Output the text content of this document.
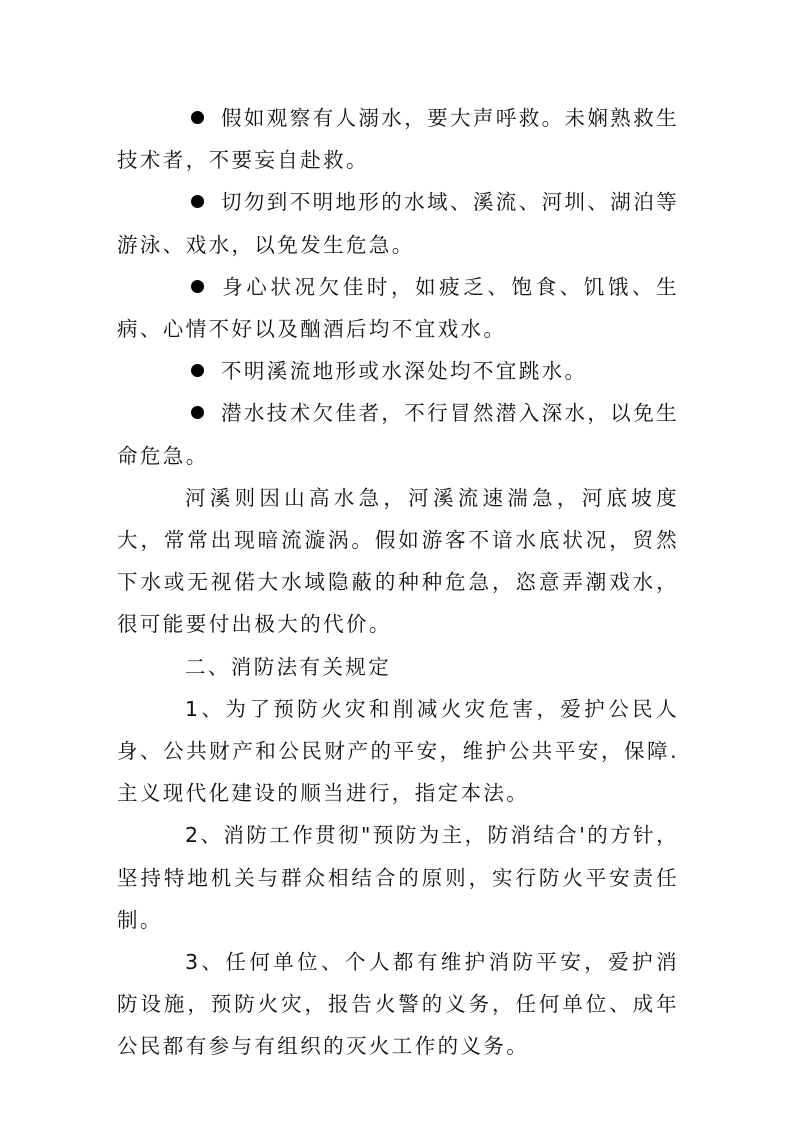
假如观察有人溺水，要大声呼救。未娴熟救生技术者，不要妄自赴救。

切勿到不明地形的水域、溪流、河圳、湖泊等游泳、戏水，以免发生危急。

身心状况欠佳时，如疲乏、饱食、饥饿、生病、心情不好以及酗酒后均不宜戏水。

不明溪流地形或水深处均不宜跳水。

潜水技术欠佳者，不行冒然潜入深水，以免生命危急。

河溪则因山高水急，河溪流速湍急，河底坡度大，常常出现暗流漩涡。假如游客不谙水底状况，贸然下水或无视偌大水域隐蔽的种种危急，恣意弄潮戏水，很可能要付出极大的代价。

二、消防法有关规定

1、为了预防火灾和削减火灾危害，爱护公民人身、公共财产和公民财产的平安，维护公共平安，保障.主义现代化建设的顺当进行，指定本法。

2、消防工作贯彻"预防为主，防消结合'的方针，坚持特地机关与群众相结合的原则，实行防火平安责任制。

3、任何单位、个人都有维护消防平安，爱护消防设施，预防火灾，报告火警的义务，任何单位、成年公民都有参与有组织的灭火工作的义务。
